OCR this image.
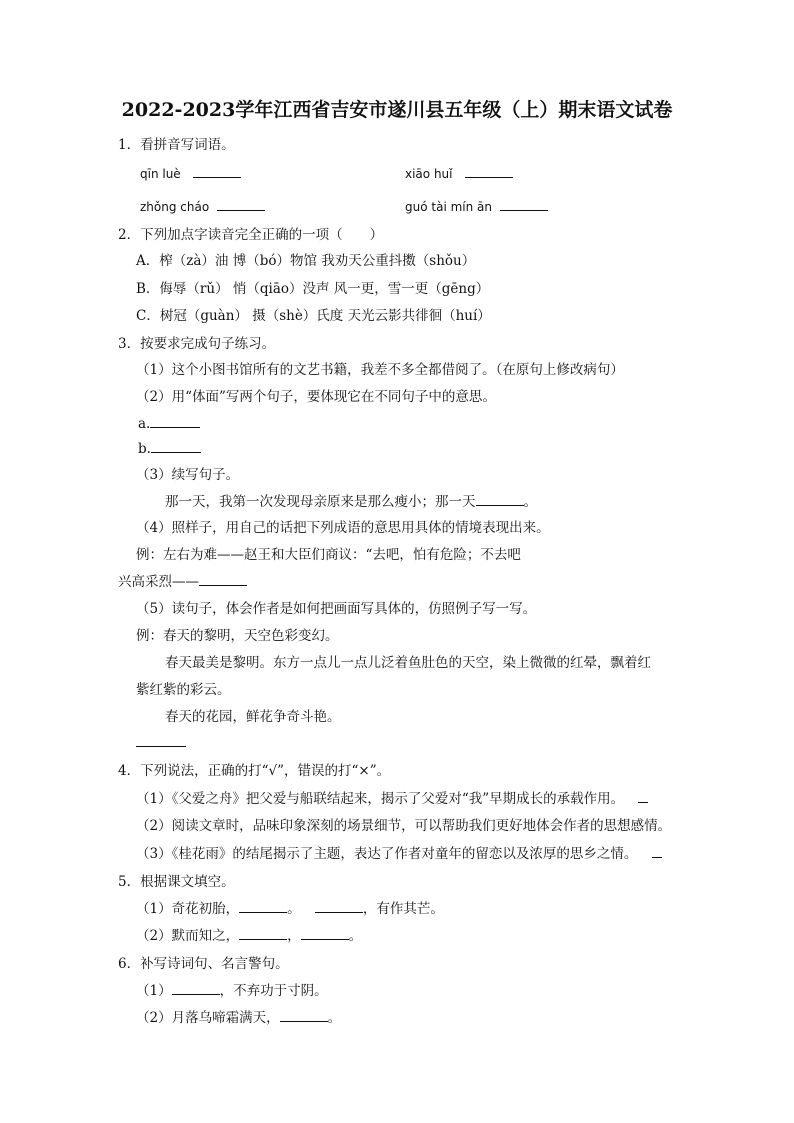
2022-2023学年江西省吉安市遂川县五年级（上）期末语文试卷
1．看拼音写词语。
qīn luè	xiāo huǐ
zhǒng cháo	guó tài mín ān
2．下列加点字读音完全正确的一项（　　）
A．榨（zà）油 博（bó）物馆 我劝天公重抖擞（shǒu）
B．侮辱（rǔ） 悄（qiāo）没声 风一更，雪一更（gēng）
C．树冠（guàn） 摄（shè）氏度 天光云影共徘徊（huí）
3．按要求完成句子练习。
（1）这个小图书馆所有的文艺书籍，我差不多全都借阅了。（在原句上修改病句）
（2）用“体面”写两个句子，要体现它在不同句子中的意思。
a.
b.
（3）续写句子。
那一天，我第一次发现母亲原来是那么瘦小；那一天	。
（4）照样子，用自己的话把下列成语的意思用具体的情境表现出来。
例：左右为难——赵王和大臣们商议：“去吧，怕有危险；不去吧
兴高采烈——
（5）读句子，体会作者是如何把画面写具体的，仿照例子写一写。
例：春天的黎明，天空色彩变幻。
春天最美是黎明。东方一点儿一点儿泛着鱼肚色的天空，染上微微的红晕，飘着红
紫红紫的彩云。
春天的花园，鲜花争奇斗艳。
4．下列说法，正确的打“√”，错误的打“×”。
（1）《父爱之舟》把父爱与船联结起来，揭示了父爱对“我”早期成长的承载作用。
（2）阅读文章时，品味印象深刻的场景细节，可以帮助我们更好地体会作者的思想感情。
（3）《桂花雨》的结尾揭示了主题，表达了作者对童年的留恋以及浓厚的思乡之情。
5．根据课文填空。
（1）奇花初胎，	。	，有作其芒。
（2）默而知之，	，	。
6．补写诗词句、名言警句。
（1）	，不弃功于寸阴。
（2）月落乌啼霜满天，	。
